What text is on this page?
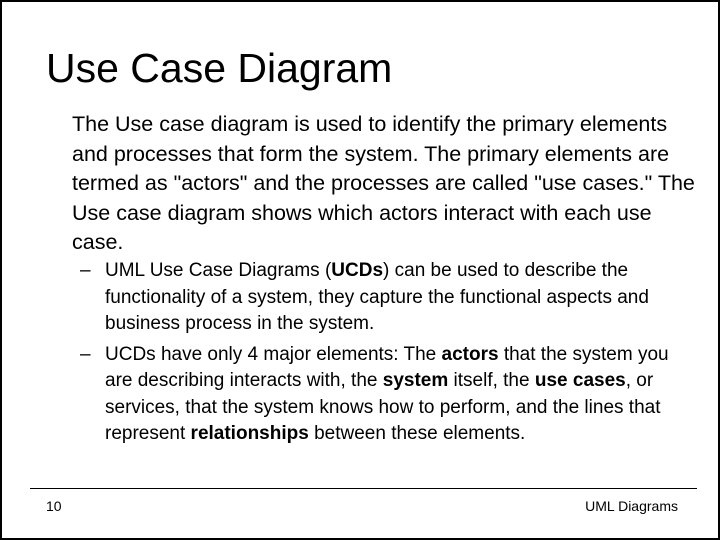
Use Case Diagram

The Use case diagram is used to identify the primary elements and processes that form the system. The primary elements are termed as "actors" and the processes are called "use cases." The Use case diagram shows which actors interact with each use case.

– UML Use Case Diagrams (UCDs) can be used to describe the functionality of a system, they capture the functional aspects and business process in the system.
– UCDs have only 4 major elements: The actors that the system you are describing interacts with, the system itself, the use cases, or services, that the system knows how to perform, and the lines that represent relationships between these elements.
10	UML Diagrams
